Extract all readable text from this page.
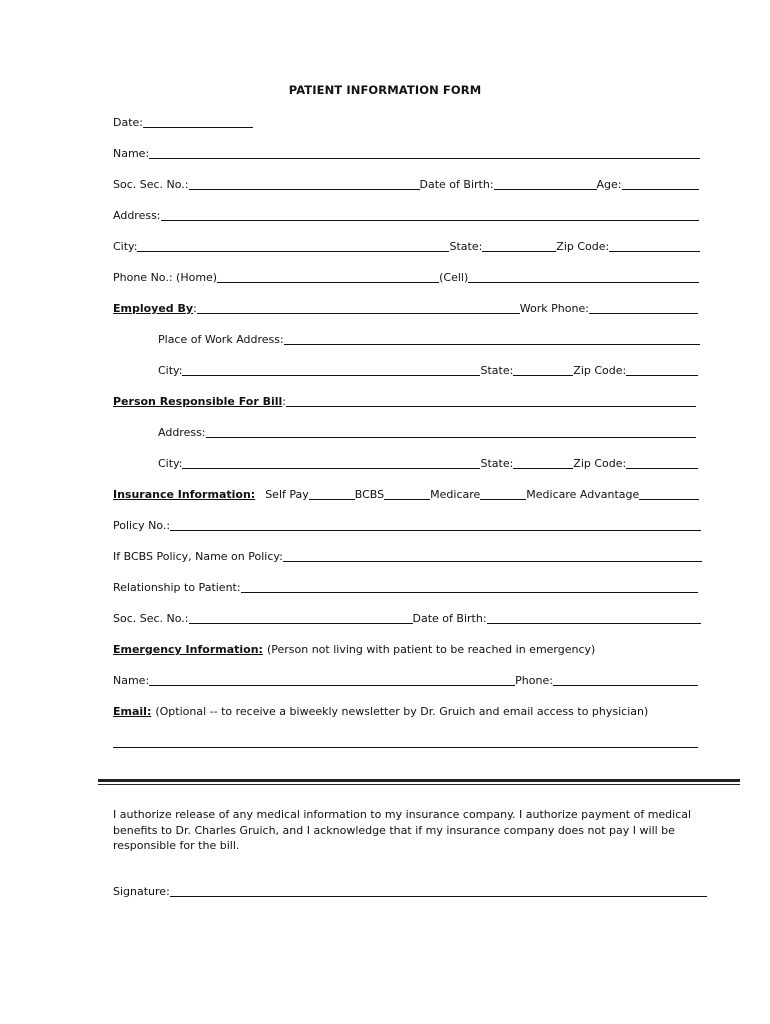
PATIENT INFORMATION FORM
Date:
Name:
Soc. Sec. No.:	Date of Birth:	Age:
Address:
City:	State:	Zip Code:
Phone No.: (Home)	(Cell)
Employed By :	Work Phone:
Place of Work Address:
City:	State:	Zip Code:
Person Responsible For Bill :
Address:
City:	State:	Zip Code:
Insurance Information: Self Pay	BCBS	Medicare	Medicare Advantage
Policy No.:
If BCBS Policy, Name on Policy:
Relationship to Patient:
Soc. Sec. No.:	Date of Birth:
Emergency Information: (Person not living with patient to be reached in emergency)
Name:	Phone:
Email: (Optional -- to receive a biweekly newsletter by Dr. Gruich and email access to physician)
I authorize release of any medical information to my insurance company. I authorize payment of medical benefits to Dr. Charles Gruich, and I acknowledge that if my insurance company does not pay I will be responsible for the bill.
Signature:
